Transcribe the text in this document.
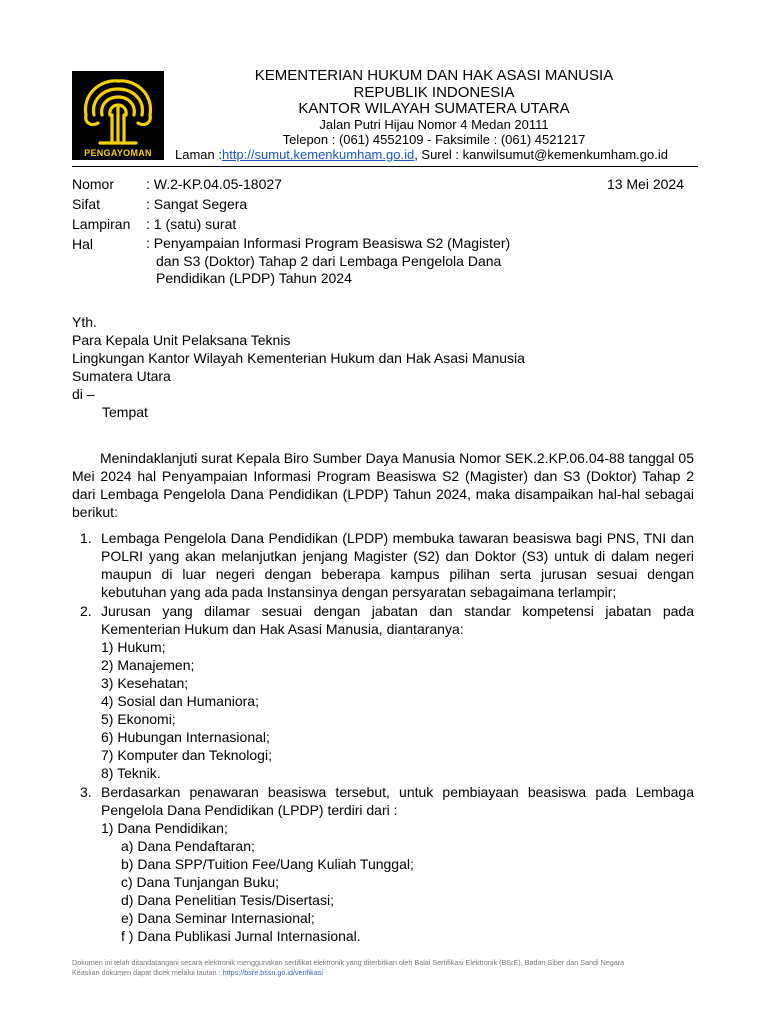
PENGAYOMAN
KEMENTERIAN HUKUM DAN HAK ASASI MANUSIA
REPUBLIK INDONESIA
KANTOR WILAYAH SUMATERA UTARA
Jalan Putri Hijau Nomor 4 Medan 20111
Telepon : (061) 4552109 - Faksimile : (061) 4521217
Laman :http://sumut.kemenkumham.go.id, Surel : kanwilsumut@kemenkumham.go.id
Nomor	: W.2-KP.04.05-18027	13 Mei 2024
Sifat	: Sangat Segera
Lampiran	: 1 (satu) surat
Hal	: Penyampaian Informasi Program Beasiswa S2 (Magister)
dan S3 (Doktor) Tahap 2 dari Lembaga Pengelola Dana
Pendidikan (LPDP) Tahun 2024
Yth.
Para Kepala Unit Pelaksana Teknis
Lingkungan Kantor Wilayah Kementerian Hukum dan Hak Asasi Manusia
Sumatera Utara
di –
Tempat

Menindaklanjuti surat Kepala Biro Sumber Daya Manusia Nomor SEK.2.KP.06.04-88 tanggal 05 Mei 2024 hal Penyampaian Informasi Program Beasiswa S2 (Magister) dan S3 (Doktor) Tahap 2 dari Lembaga Pengelola Dana Pendidikan (LPDP) Tahun 2024, maka disampaikan hal-hal sebagai berikut:

1. Lembaga Pengelola Dana Pendidikan (LPDP) membuka tawaran beasiswa bagi PNS, TNI dan POLRI yang akan melanjutkan jenjang Magister (S2) dan Doktor (S3) untuk di dalam negeri maupun di luar negeri dengan beberapa kampus pilihan serta jurusan sesuai dengan kebutuhan yang ada pada Instansinya dengan persyaratan sebagaimana terlampir;
2. Jurusan yang dilamar sesuai dengan jabatan dan standar kompetensi jabatan pada Kementerian Hukum dan Hak Asasi Manusia, diantaranya:
1) Hukum;
2) Manajemen;
3) Kesehatan;
4) Sosial dan Humaniora;
5) Ekonomi;
6) Hubungan Internasional;
7) Komputer dan Teknologi;
8) Teknik.
3. Berdasarkan penawaran beasiswa tersebut, untuk pembiayaan beasiswa pada Lembaga Pengelola Dana Pendidikan (LPDP) terdiri dari :
1) Dana Pendidikan;
a) Dana Pendaftaran;
b) Dana SPP/Tuition Fee/Uang Kuliah Tunggal;
c) Dana Tunjangan Buku;
d) Dana Penelitian Tesis/Disertasi;
e) Dana Seminar Internasional;
f ) Dana Publikasi Jurnal Internasional.
Dokumen ini telah ditandatangani secara elektronik menggunakan sertifikat elektronik yang diterbitkan oleh Balai Sertifikasi Elektronik (BSrE), Badan Siber dan Sandi Negara
Keaslian dokumen dapat dicek melalui tautan : https://bsre.bssn.go.id/verifikasi
